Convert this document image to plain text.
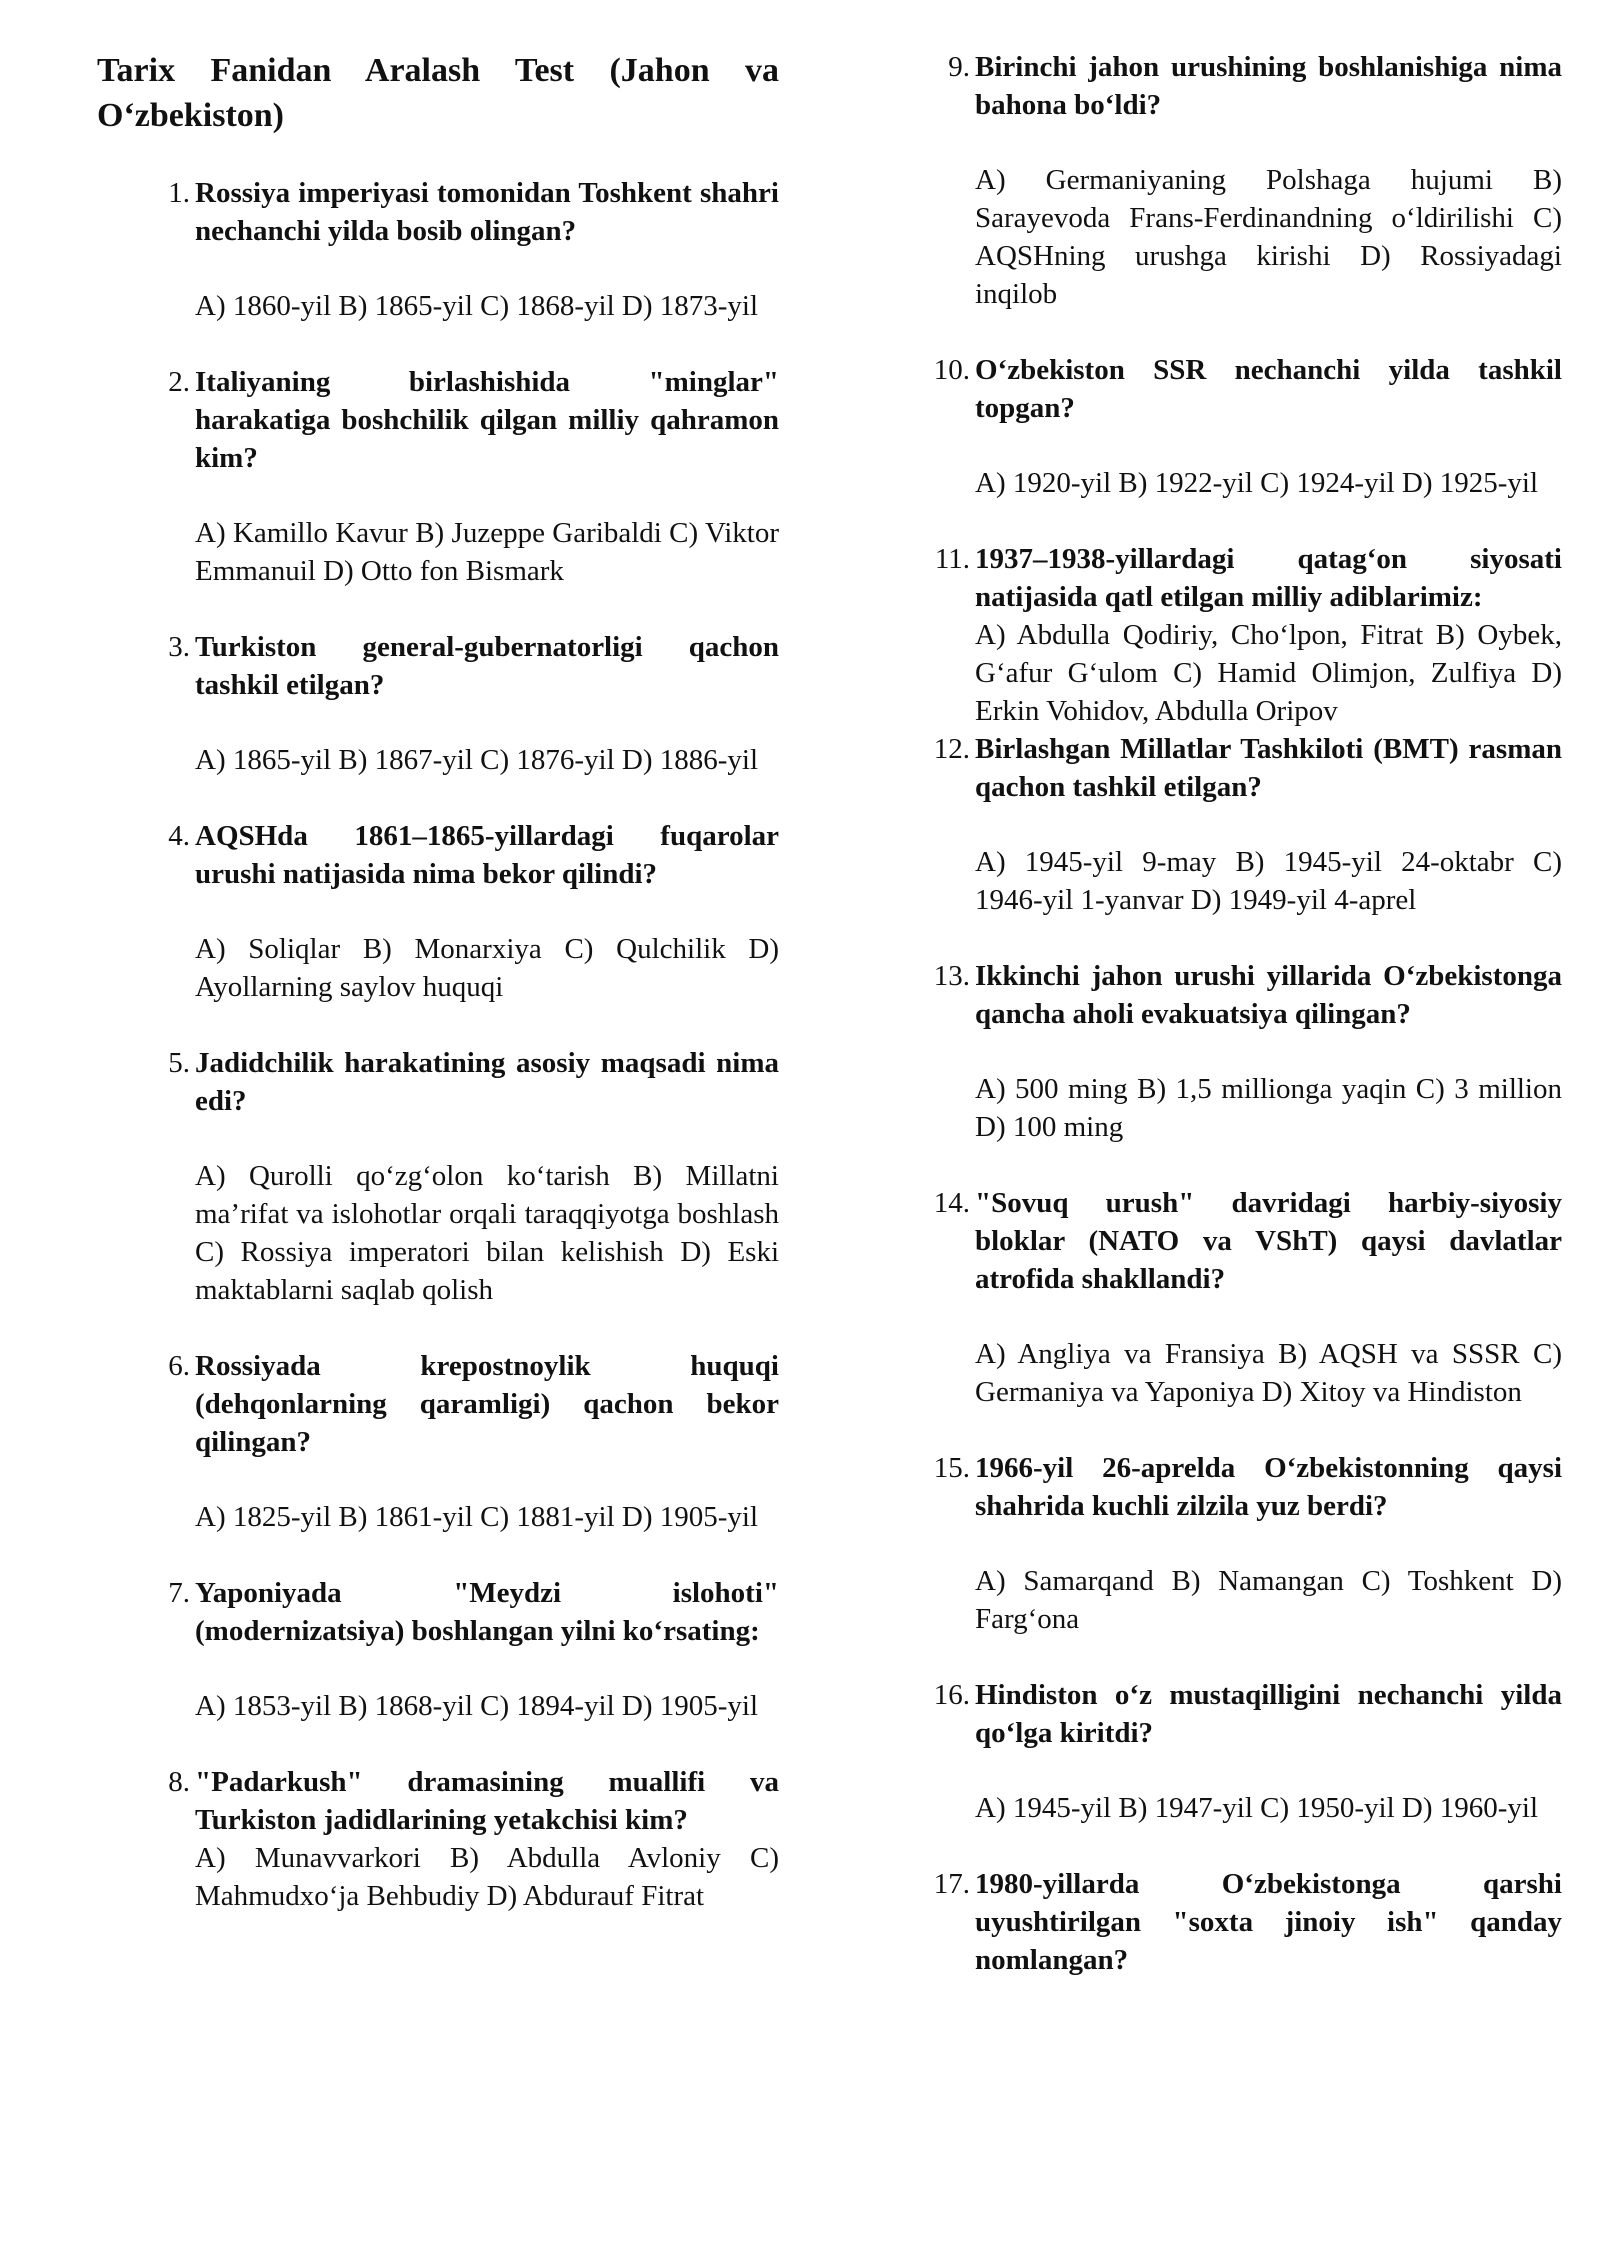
Tarix Fanidan Aralash Test (Jahon va

Oʻzbekiston)
1. Rossiya imperiyasi tomonidan Toshkent shahri nechanchi yilda bosib olingan?
A) 1860-yil B) 1865-yil C) 1868-yil D) 1873-yil
2. Italiyaning birlashishida "minglar" harakatiga boshchilik qilgan milliy qahramon kim?
A) Kamillo Kavur B) Juzeppe Garibaldi C) Viktor Emmanuil D) Otto fon Bismark
3. Turkiston general-gubernatorligi qachon tashkil etilgan?
A) 1865-yil B) 1867-yil C) 1876-yil D) 1886-yil
4. AQSHda 1861–1865-yillardagi fuqarolar urushi natijasida nima bekor qilindi?
A) Soliqlar B) Monarxiya C) Qulchilik D) Ayollarning saylov huquqi
5. Jadidchilik harakatining asosiy maqsadi nima edi?
A) Qurolli qoʻzgʻolon koʻtarish B) Millatni maʼrifat va islohotlar orqali taraqqiyotga boshlash C) Rossiya imperatori bilan kelishish D) Eski maktablarni saqlab qolish
6. Rossiyada krepostnoylik huquqi (dehqonlarning qaramligi) qachon bekor qilingan?
A) 1825-yil B) 1861-yil C) 1881-yil D) 1905-yil
7. Yaponiyada "Meydzi islohoti" (modernizatsiya) boshlangan yilni koʻrsating:
A) 1853-yil B) 1868-yil C) 1894-yil D) 1905-yil
8. "Padarkush" dramasining muallifi va Turkiston jadidlarining yetakchisi kim?
A) Munavvarkori B) Abdulla Avloniy C) Mahmudxoʻja Behbudiy D) Abdurauf Fitrat
9. Birinchi jahon urushining boshlanishiga nima bahona boʻldi?
A) Germaniyaning Polshaga hujumi B) Sarayevoda Frans-Ferdinandning oʻldirilishi C) AQSHning urushga kirishi D) Rossiyadagi inqilob
10. Oʻzbekiston SSR nechanchi yilda tashkil topgan?
A) 1920-yil B) 1922-yil C) 1924-yil D) 1925-yil
11. 1937–1938-yillardagi qatagʻon siyosati natijasida qatl etilgan milliy adiblarimiz:
A) Abdulla Qodiriy, Choʻlpon, Fitrat B) Oybek, Gʻafur Gʻulom C) Hamid Olimjon, Zulfiya D) Erkin Vohidov, Abdulla Oripov
12. Birlashgan Millatlar Tashkiloti (BMT) rasman qachon tashkil etilgan?
A) 1945-yil 9-may B) 1945-yil 24-oktabr C) 1946-yil 1-yanvar D) 1949-yil 4-aprel
13. Ikkinchi jahon urushi yillarida Oʻzbekistonga qancha aholi evakuatsiya qilingan?
A) 500 ming B) 1,5 millionga yaqin C) 3 million D) 100 ming
14. "Sovuq urush" davridagi harbiy-siyosiy bloklar (NATO va VShT) qaysi davlatlar atrofida shakllandi?
A) Angliya va Fransiya B) AQSH va SSSR C) Germaniya va Yaponiya D) Xitoy va Hindiston
15. 1966-yil 26-aprelda Oʻzbekistonning qaysi shahrida kuchli zilzila yuz berdi?
A) Samarqand B) Namangan C) Toshkent D) Fargʻona
16. Hindiston oʻz mustaqilligini nechanchi yilda qoʻlga kiritdi?
A) 1945-yil B) 1947-yil C) 1950-yil D) 1960-yil
17. 1980-yillarda Oʻzbekistonga qarshi uyushtirilgan "soxta jinoiy ish" qanday nomlangan?
